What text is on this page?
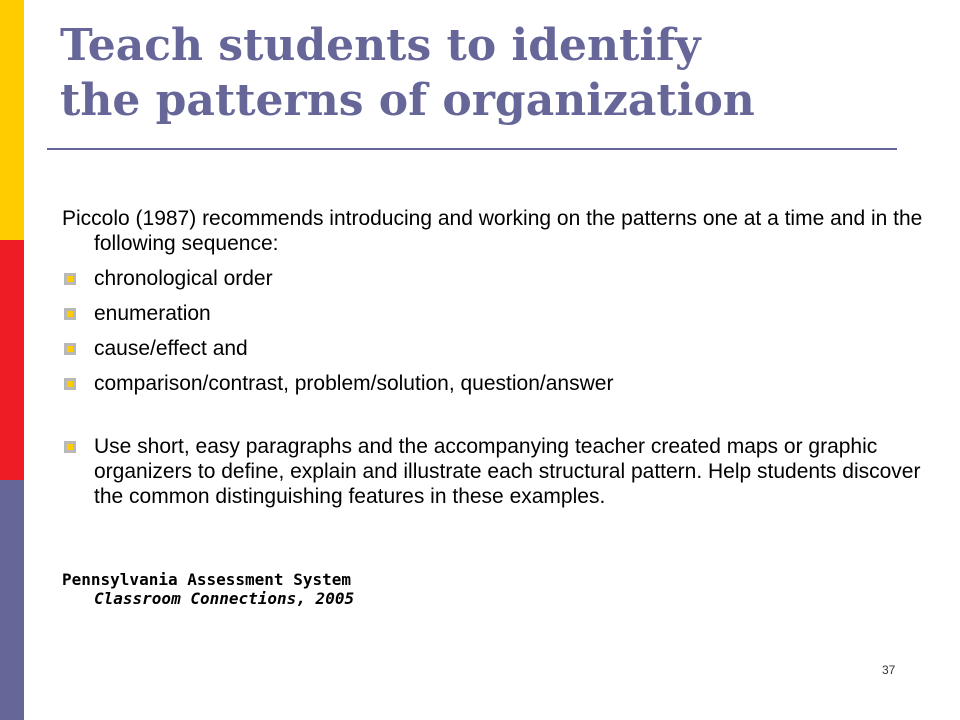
Teach students to identify
the patterns of organization

Piccolo (1987) recommends introducing and working on the patterns one at a time and in the following sequence:

chronological order
enumeration
cause/effect and
comparison/contrast, problem/solution, question/answer
Use short, easy paragraphs and the accompanying teacher created maps or graphic organizers to define, explain and illustrate each structural pattern. Help students discover the common distinguishing features in these examples.
Pennsylvania Assessment System
Classroom Connections, 2005
37
